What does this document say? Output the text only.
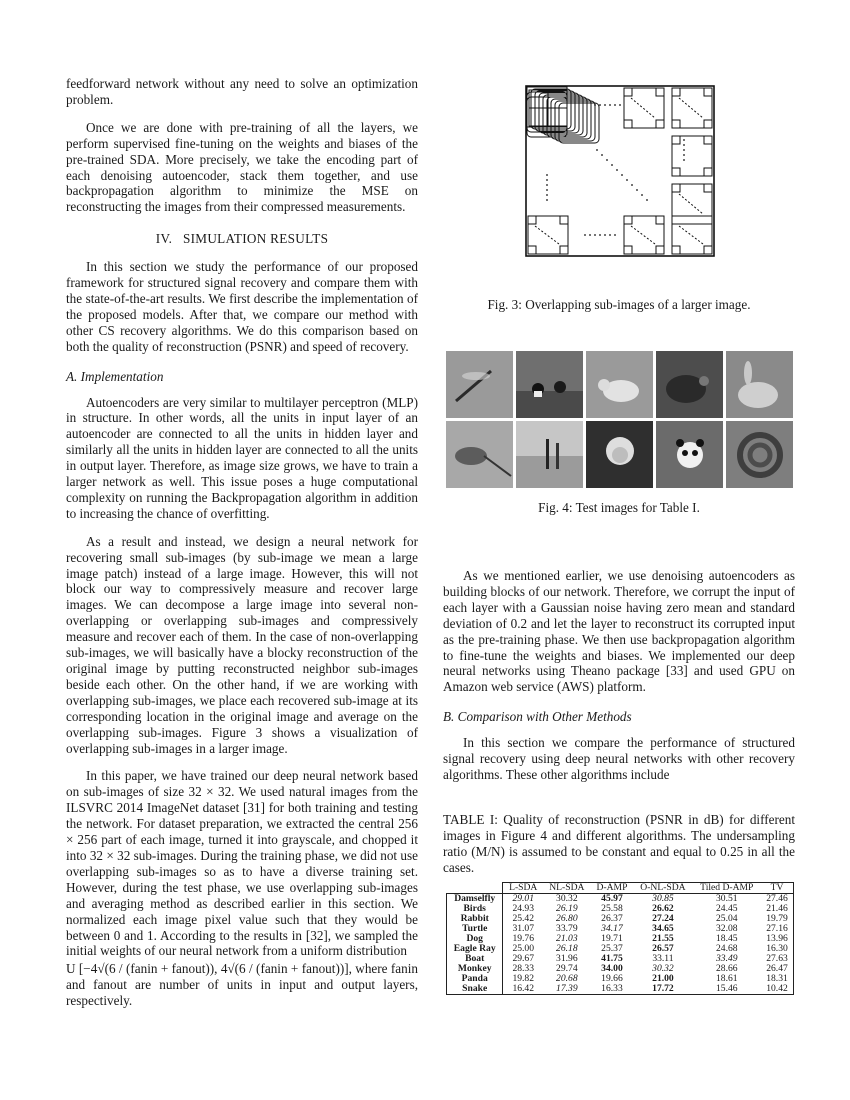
feedforward network without any need to solve an optimization problem.

Once we are done with pre-training of all the layers, we perform supervised fine-tuning on the weights and biases of the pre-trained SDA. More precisely, we take the encoding part of each denoising autoencoder, stack them together, and use backpropagation algorithm to minimize the MSE on reconstructing the images from their compressed measurements.

IV. SIMULATION RESULTS

In this section we study the performance of our proposed framework for structured signal recovery and compare them with the state-of-the-art results. We first describe the implementation of the proposed models. After that, we compare our method with other CS recovery algorithms. We do this comparison based on both the quality of reconstruction (PSNR) and speed of recovery.

A. Implementation

Autoencoders are very similar to multilayer perceptron (MLP) in structure. In other words, all the units in input layer of an autoencoder are connected to all the units in hidden layer and similarly all the units in hidden layer are connected to all the units in output layer. Therefore, as image size grows, we have to train a larger network as well. This issue poses a huge computational complexity on running the Backpropagation algorithm in addition to increasing the chance of overfitting.

As a result and instead, we design a neural network for recovering small sub-images (by sub-image we mean a large image patch) instead of a large image. However, this will not block our way to compressively measure and recover large images. We can decompose a large image into several non-overlapping or overlapping sub-images and compressively measure and recover each of them. In the case of non-overlapping sub-images, we will basically have a blocky reconstruction of the original image by putting reconstructed neighbor sub-images beside each other. On the other hand, if we are working with overlapping sub-images, we place each recovered sub-image at its corresponding location in the original image and average on the overlapping sub-images. Figure 3 shows a visualization of overlapping sub-images in a larger image.

In this paper, we have trained our deep neural network based on sub-images of size 32 × 32. We used natural images from the ILSVRC 2014 ImageNet dataset [31] for both training and testing the network. For dataset preparation, we extracted the central 256 × 256 part of each image, turned it into grayscale, and chopped it into 32 × 32 sub-images. During the training phase, we did not use overlapping sub-images so as to have a diverse training set. However, during the test phase, we use overlapping sub-images and averaging method as described earlier in this section. We normalized each image pixel value such that they would be between 0 and 1. According to the results in [32], we sampled the initial weights of our neural network from a uniform distribution

U [−4√(6 / (fanin + fanout)), 4√(6 / (fanin + fanout))], where fanin and fanout are number of units in input and output layers, respectively.

Fig. 3: Overlapping sub-images of a larger image.
Fig. 4: Test images for Table I.

As we mentioned earlier, we use denoising autoencoders as building blocks of our network. Therefore, we corrupt the input of each layer with a Gaussian noise having zero mean and standard deviation of 0.2 and let the layer to reconstruct its corrupted input as the pre-training phase. We then use backpropagation algorithm to fine-tune the weights and biases. We implemented our deep neural networks using Theano package [33] and used GPU on Amazon web service (AWS) platform.

B. Comparison with Other Methods

In this section we compare the performance of structured signal recovery using deep neural networks with other recovery algorithms. These other algorithms include

TABLE I: Quality of reconstruction (PSNR in dB) for different images in Figure 4 and different algorithms. The undersampling ratio (M/N) is assumed to be constant and equal to 0.25 in all the cases.
	L-SDA	NL-SDA	D-AMP	O-NL-SDA	Tiled D-AMP	TV
Damselfly	29.01	30.32	45.97	30.85	30.51	27.46
Birds	24.93	26.19	25.58	26.62	24.45	21.46
Rabbit	25.42	26.80	26.37	27.24	25.04	19.79
Turtle	31.07	33.79	34.17	34.65	32.08	27.16
Dog	19.76	21.03	19.71	21.55	18.45	13.96
Eagle Ray	25.00	26.18	25.37	26.57	24.68	16.30
Boat	29.67	31.96	41.75	33.11	33.49	27.63
Monkey	28.33	29.74	34.00	30.32	28.66	26.47
Panda	19.82	20.68	19.66	21.00	18.61	18.31
Snake	16.42	17.39	16.33	17.72	15.46	10.42
